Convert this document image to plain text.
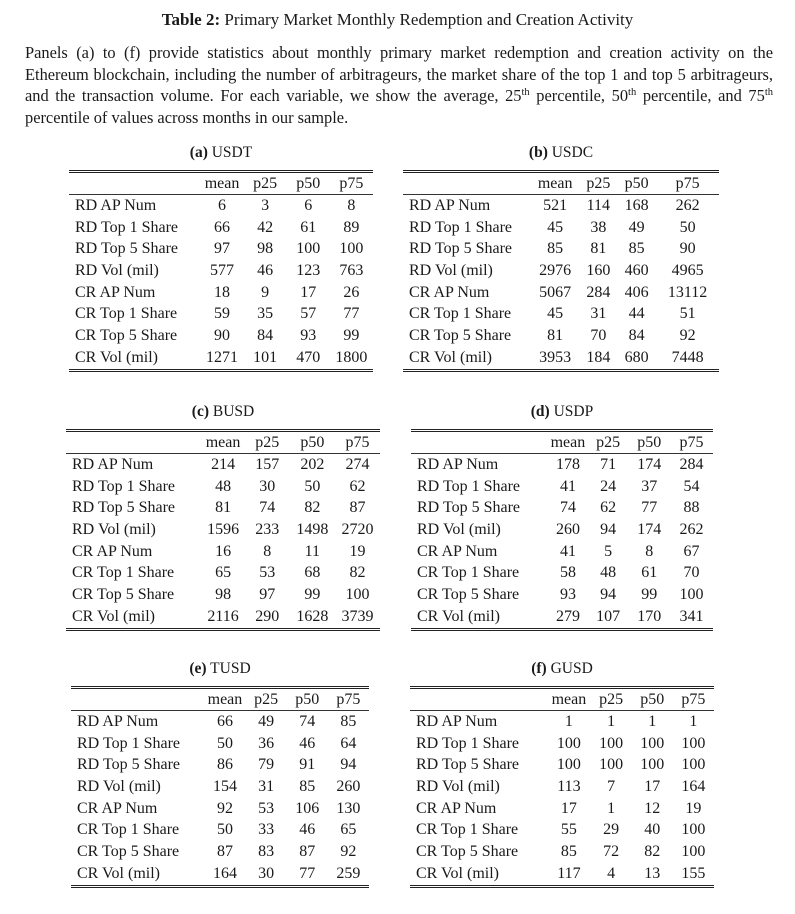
Table 2: Primary Market Monthly Redemption and Creation Activity
Panels (a) to (f) provide statistics about monthly primary market redemption and creation activity on the Ethereum blockchain, including the number of arbitrageurs, the market share of the top 1 and top 5 arbitrageurs, and the transaction volume. For each variable, we show the average, 25th percentile, 50th percentile, and 75th percentile of values across months in our sample.
(a) USDT
mean p25	p50	p75
RD AP Num	6	3	6	8
RD Top 1 Share	66	42	61	89
RD Top 5 Share	97	98	100	100
RD Vol (mil)	577	46	123	763
CR AP Num	18	9	17	26
CR Top 1 Share	59	35	57	77
CR Top 5 Share	90	84	93	99
CR Vol (mil)	1271 101	470 1800
(b) USDC
mean p25 p50	p75
RD AP Num	521	114 168	262
RD Top 1 Share	45	38	49	50
RD Top 5 Share	85	81	85	90
RD Vol (mil)	2976 160 460	4965
CR AP Num	5067 284 406	13112
CR Top 1 Share	45	31	44	51
CR Top 5 Share	81	70	84	92
CR Vol (mil)	3953 184 680	7448
(c) BUSD
mean p25	p50	p75
RD AP Num	214	157	202	274
RD Top 1 Share	48	30	50	62
RD Top 5 Share	81	74	82	87
RD Vol (mil)	1596	233	1498 2720
CR AP Num	16	8	11	19
CR Top 1 Share	65	53	68	82
CR Top 5 Share	98	97	99	100
CR Vol (mil)	2116	290	1628 3739
(d) USDP
mean p25	p50	p75
RD AP Num	178	71	174	284
RD Top 1 Share	41	24	37	54
RD Top 5 Share	74	62	77	88
RD Vol (mil)	260	94	174	262
CR AP Num	41	5	8	67
CR Top 1 Share	58	48	61	70
CR Top 5 Share	93	94	99	100
CR Vol (mil)	279	107	170	341
(e) TUSD
mean p25	p50	p75
RD AP Num	66	49	74	85
RD Top 1 Share	50	36	46	64
RD Top 5 Share	86	79	91	94
RD Vol (mil)	154	31	85	260
CR AP Num	92	53	106	130
CR Top 1 Share	50	33	46	65
CR Top 5 Share	87	83	87	92
CR Vol (mil)	164	30	77	259
(f) GUSD
mean p25	p50	p75
RD AP Num	1	1	1	1
RD Top 1 Share	100	100	100	100
RD Top 5 Share	100	100	100	100
RD Vol (mil)	113	7	17	164
CR AP Num	17	1	12	19
CR Top 1 Share	55	29	40	100
CR Top 5 Share	85	72	82	100
CR Vol (mil)	117	4	13	155
